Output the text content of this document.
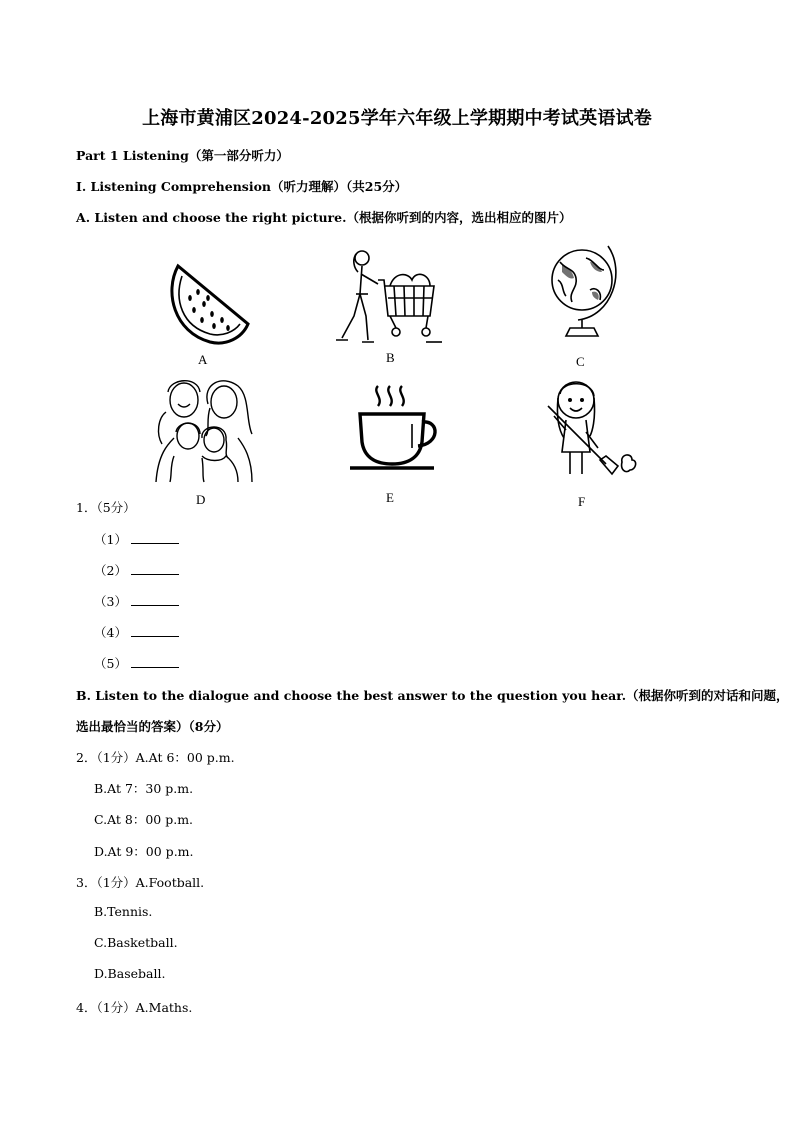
上海市黄浦区2024-2025学年六年级上学期期中考试英语试卷
Part 1 Listening（第一部分听力）
I. Listening Comprehension（听力理解）（共25分）
A. Listen and choose the right picture.（根据你听到的内容，选出相应的图片）
A	B	C
D	E	F
1．（5分）
（1）
（2）
（3）
（4）
（5）
B. Listen to the dialogue and choose the best answer to the question you hear.（根据你听到的对话和问题，
选出最恰当的答案）（8分）
2．（1分）A.At 6：00 p.m.
B.At 7：30 p.m.
C.At 8：00 p.m.
D.At 9：00 p.m.
3．（1分）A.Football.
B.Tennis.
C.Basketball.
D.Baseball.
4．（1分）A.Maths.
